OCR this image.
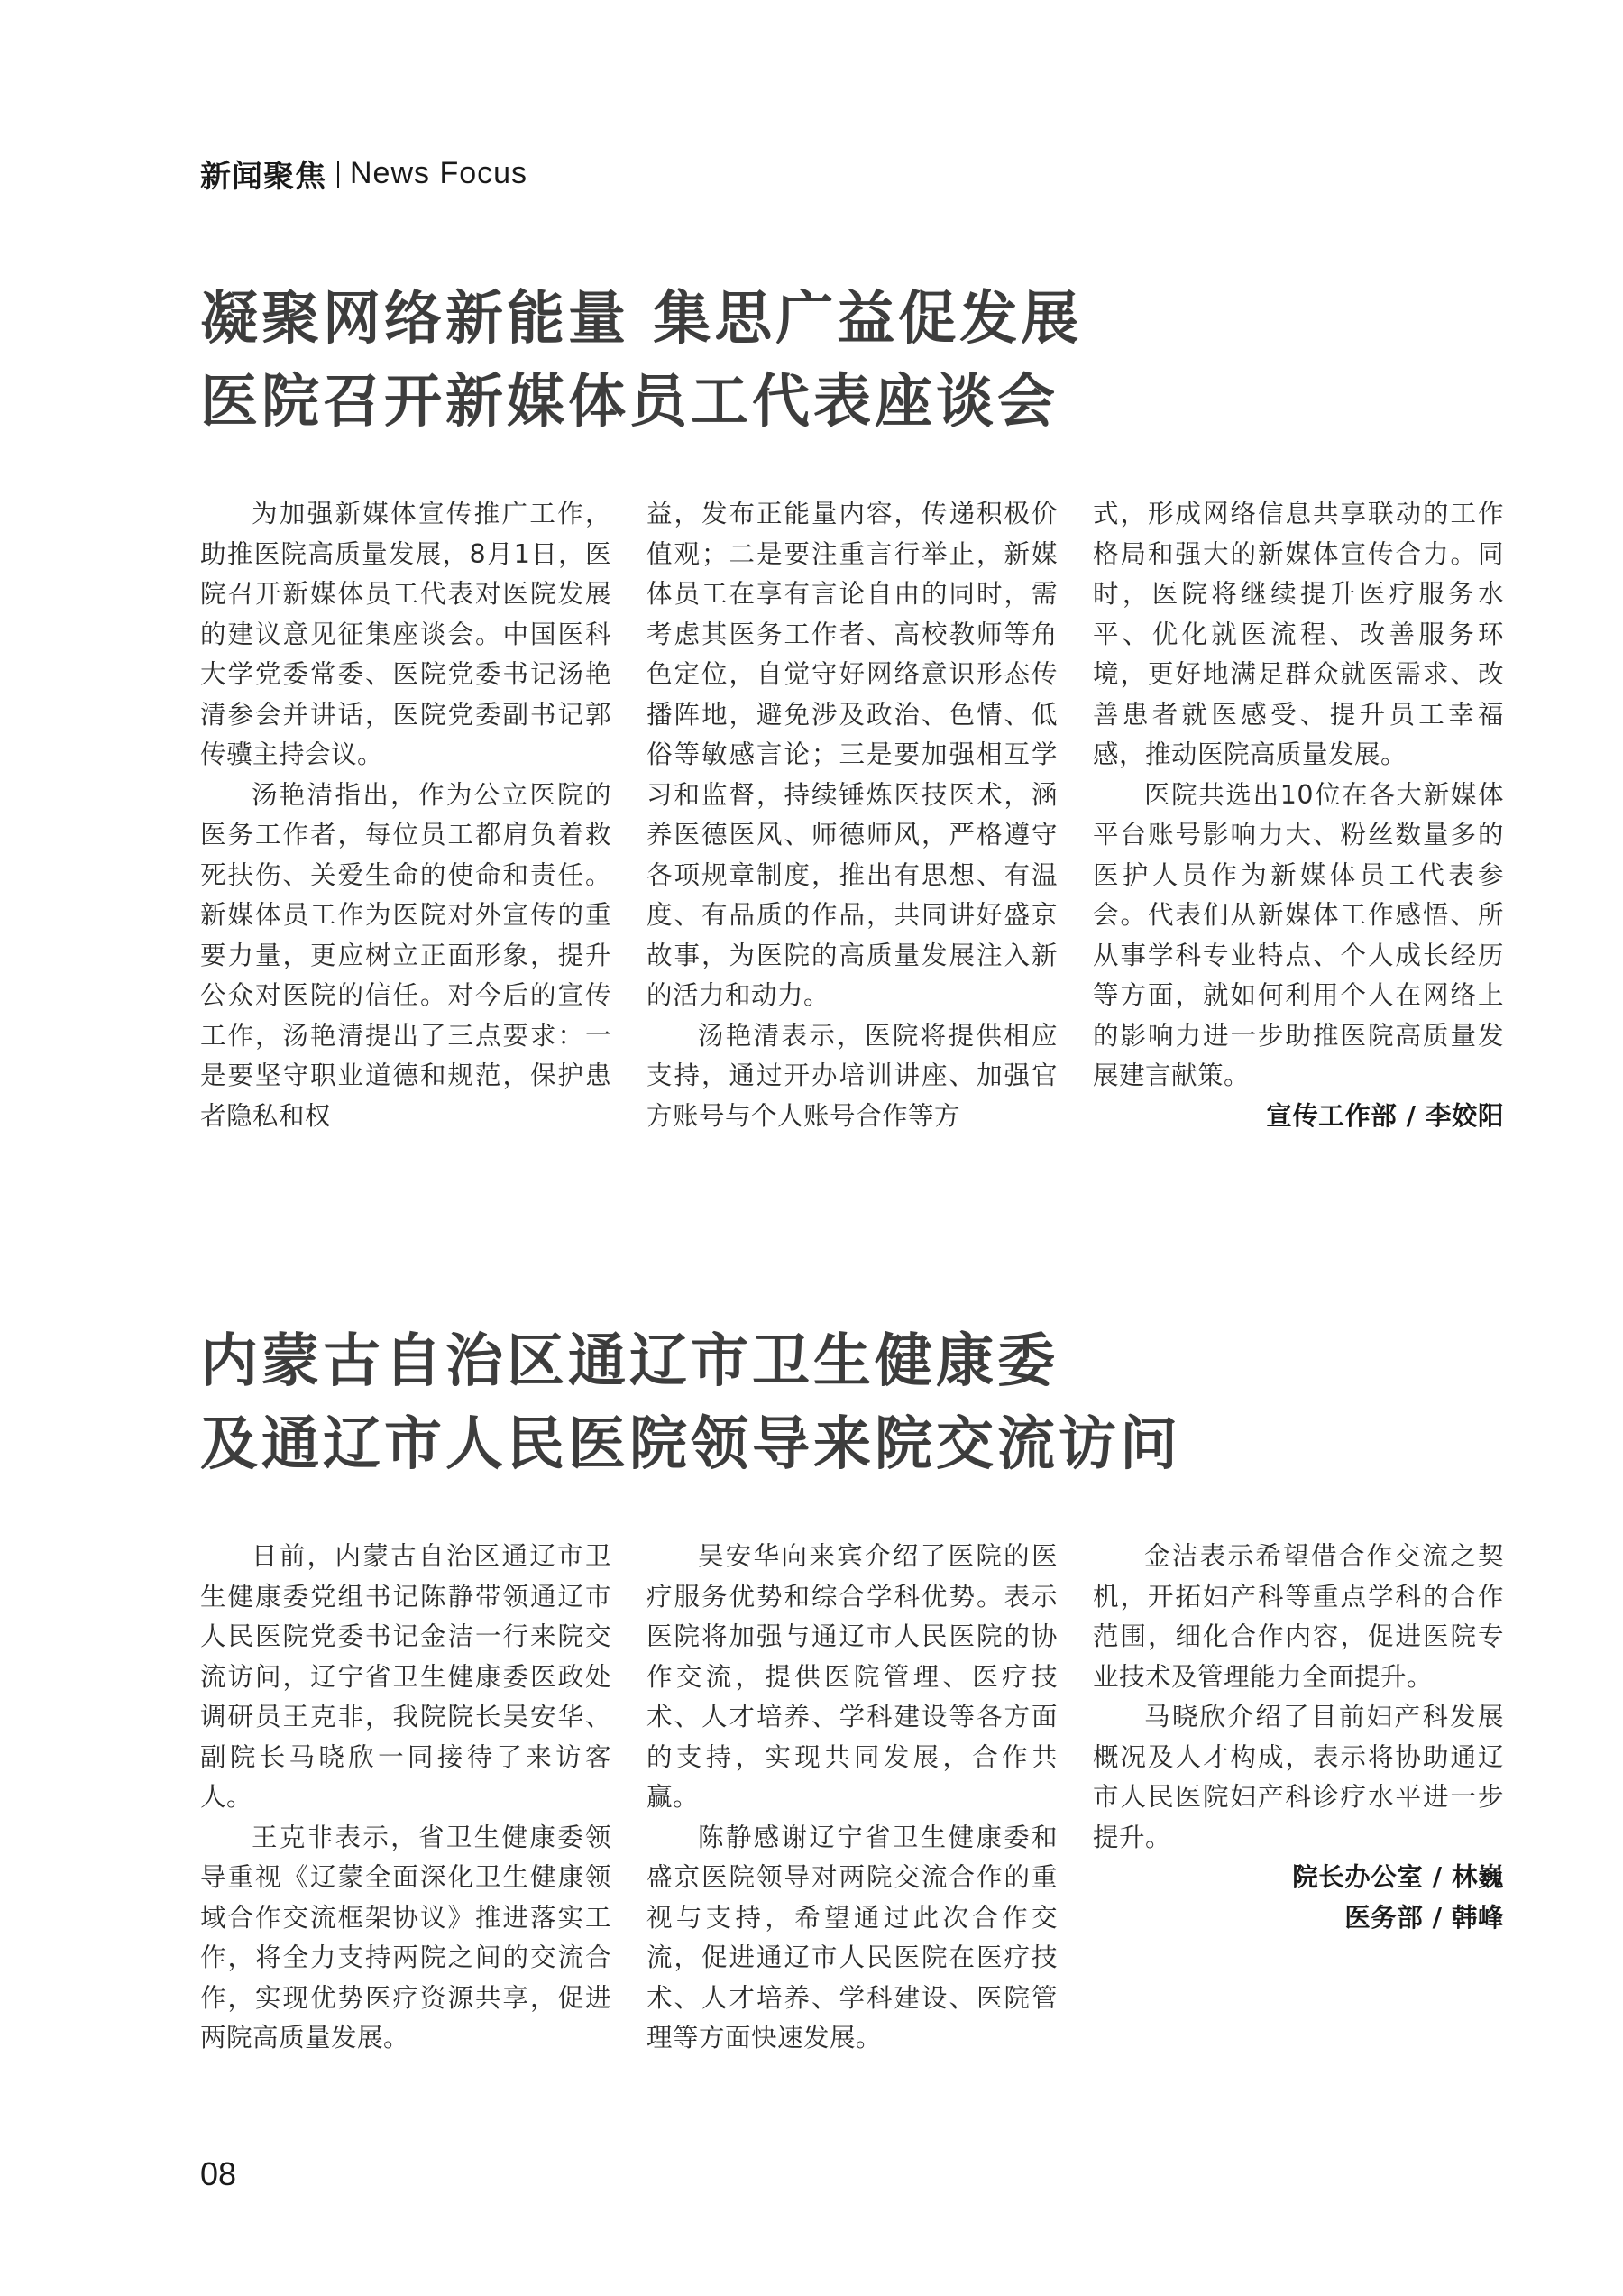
新闻聚焦 News Focus
凝聚网络新能量 集思广益促发展
医院召开新媒体员工代表座谈会

为加强新媒体宣传推广工作，助推医院高质量发展，8月1日，医院召开新媒体员工代表对医院发展的建议意见征集座谈会。中国医科大学党委常委、医院党委书记汤艳清参会并讲话，医院党委副书记郭传骥主持会议。

汤艳清指出，作为公立医院的医务工作者，每位员工都肩负着救死扶伤、关爱生命的使命和责任。新媒体员工作为医院对外宣传的重要力量，更应树立正面形象，提升公众对医院的信任。对今后的宣传工作，汤艳清提出了三点要求：一是要坚守职业道德和规范，保护患者隐私和权

益，发布正能量内容，传递积极价值观；二是要注重言行举止，新媒体员工在享有言论自由的同时，需考虑其医务工作者、高校教师等角色定位，自觉守好网络意识形态传播阵地，避免涉及政治、色情、低俗等敏感言论；三是要加强相互学习和监督，持续锤炼医技医术，涵养医德医风、师德师风，严格遵守各项规章制度，推出有思想、有温度、有品质的作品，共同讲好盛京故事，为医院的高质量发展注入新的活力和动力。

汤艳清表示，医院将提供相应支持，通过开办培训讲座、加强官方账号与个人账号合作等方

式，形成网络信息共享联动的工作格局和强大的新媒体宣传合力。同时，医院将继续提升医疗服务水平、优化就医流程、改善服务环境，更好地满足群众就医需求、改善患者就医感受、提升员工幸福感，推动医院高质量发展。

医院共选出10位在各大新媒体平台账号影响力大、粉丝数量多的医护人员作为新媒体员工代表参会。代表们从新媒体工作感悟、所从事学科专业特点、个人成长经历等方面，就如何利用个人在网络上的影响力进一步助推医院高质量发展建言献策。

宣传工作部 / 李姣阳
内蒙古自治区通辽市卫生健康委
及通辽市人民医院领导来院交流访问

日前，内蒙古自治区通辽市卫生健康委党组书记陈静带领通辽市人民医院党委书记金洁一行来院交流访问，辽宁省卫生健康委医政处调研员王克非，我院院长吴安华、副院长马晓欣一同接待了来访客人。

王克非表示，省卫生健康委领导重视《辽蒙全面深化卫生健康领域合作交流框架协议》推进落实工作，将全力支持两院之间的交流合作，实现优势医疗资源共享，促进两院高质量发展。

吴安华向来宾介绍了医院的医疗服务优势和综合学科优势。表示医院将加强与通辽市人民医院的协作交流，提供医院管理、医疗技术、人才培养、学科建设等各方面的支持，实现共同发展，合作共赢。

陈静感谢辽宁省卫生健康委和盛京医院领导对两院交流合作的重视与支持，希望通过此次合作交流，促进通辽市人民医院在医疗技术、人才培养、学科建设、医院管理等方面快速发展。

金洁表示希望借合作交流之契机，开拓妇产科等重点学科的合作范围，细化合作内容，促进医院专业技术及管理能力全面提升。

马晓欣介绍了目前妇产科发展概况及人才构成，表示将协助通辽市人民医院妇产科诊疗水平进一步提升。

院长办公室 / 林巍
医务部 / 韩峰
08
